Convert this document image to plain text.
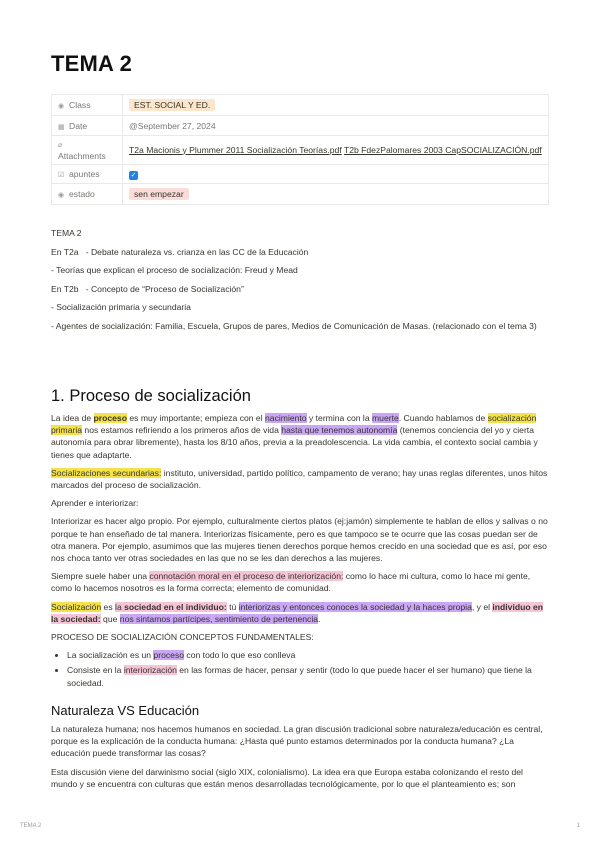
TEMA 2
◉ Class	EST. SOCIAL Y ED.
▦ Date	@September 27, 2024
⌀Attachments	T2a Macionis y Plummer 2011 Socialización Teorías.pdf T2b FdezPalomares 2003 CapSOCIALIZACIÓN.pdf
☑ apuntes	✓
◉ estado	sen empezar

TEMA 2

En T2a   - Debate naturaleza vs. crianza en las CC de la Educación

- Teorías que explican el proceso de socialización: Freud y Mead

En T2b   - Concepto de “Proceso de Socialización”

- Socialización primaria y secundaria

- Agentes de socialización: Familia, Escuela, Grupos de pares, Medios de Comunicación de Masas. (relacionado con el tema 3)

1. Proceso de socialización

La idea de proceso es muy importante; empieza con el nacimiento y termina con la muerte. Cuando hablamos de socialización primaria nos estamos refiriendo a los primeros años de vida hasta que tenemos autonomía (tenemos conciencia del yo y cierta autonomía para obrar libremente), hasta los 8/10 años, previa a la preadolescencia. La vida cambia, el contexto social cambia y tienes que adaptarte.

Socializaciones secundarias: instituto, universidad, partido político, campamento de verano; hay unas reglas diferentes, unos hitos marcados del proceso de socialización.

Aprender e interiorizar:

Interiorizar es hacer algo propio. Por ejemplo, culturalmente ciertos platos (ej:jamón) simplemente te hablan de ellos y salivas o no porque te han enseñado de tal manera. Interiorizas físicamente, pero es que tampoco se te ocurre que las cosas puedan ser de otra manera. Por ejemplo, asumimos que las mujeres tienen derechos porque hemos crecido en una sociedad que es así, por eso nos choca tanto ver otras sociedades en las que no se les dan derechos a las mujeres.

Siempre suele haber una connotación moral en el proceso de interiorización: como lo hace mi cultura, como lo hace mi gente, como lo hacemos nosotros es la forma correcta; elemento de comunidad.

Socialización es la sociedad en el individuo: tú interiorizas y entonces conoces la sociedad y la haces propia, y el individuo en la sociedad: que nos sintamos partícipes, sentimiento de pertenencia.

PROCESO DE SOCIALIZACIÓN CONCEPTOS FUNDAMENTALES:

• La socialización es un proceso con todo lo que eso conlleva
• Consiste en la interiorización en las formas de hacer, pensar y sentir (todo lo que puede hacer el ser humano) que tiene la sociedad.
Naturaleza VS Educación

La naturaleza humana; nos hacemos humanos en sociedad. La gran discusión tradicional sobre naturaleza/educación es central, porque es la explicación de la conducta humana: ¿Hasta qué punto estamos determinados por la conducta humana? ¿La educación puede transformar las cosas?

Esta discusión viene del darwinismo social (siglo XIX, colonialismo). La idea era que Europa estaba colonizando el resto del mundo y se encuentra con culturas que están menos desarrolladas tecnológicamente, por lo que el planteamiento es; son

TEMA 2	1
